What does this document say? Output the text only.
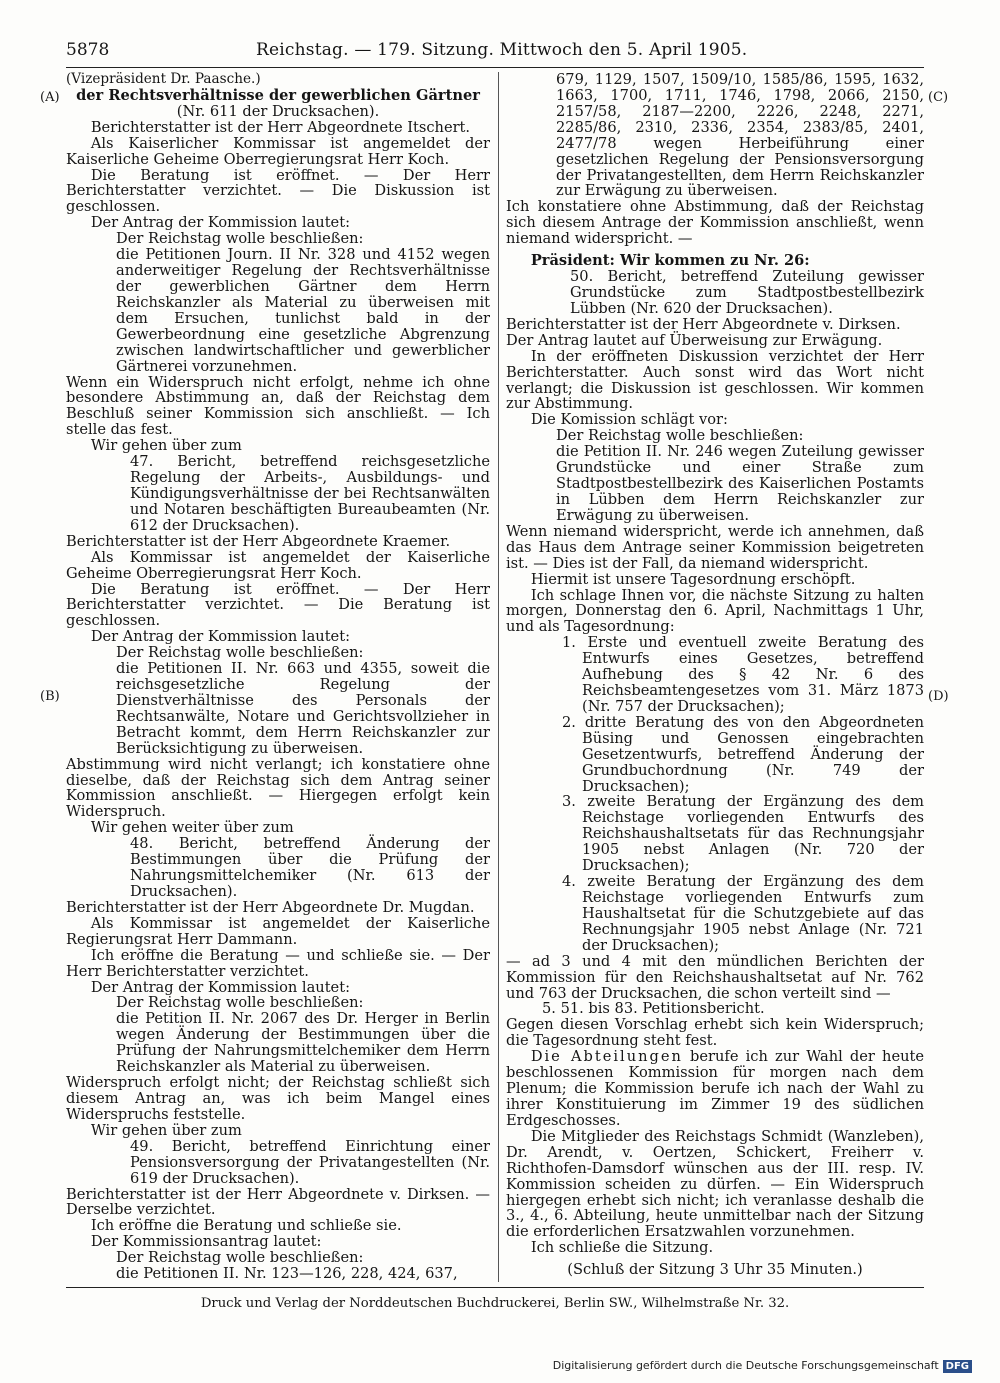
5878	Reichstag. — 179. Sitzung. Mittwoch den 5. April 1905.
(A)
(B)
(C)
(D)

(Vizepräsident Dr. Paasche.)

der Rechtsverhältnisse der gewerblichen Gärtner

(Nr. 611 der Drucksachen).

Berichterstatter ist der Herr Abgeordnete Itschert.

Als Kaiserlicher Kommissar ist angemeldet der Kaiserliche Geheime Oberregierungsrat Herr Koch.

Die Beratung ist eröffnet. — Der Herr Berichterstatter verzichtet. — Die Diskussion ist geschlossen.

Der Antrag der Kommission lautet:

Der Reichstag wolle beschließen:

die Petitionen Journ. II Nr. 328 und 4152 wegen anderweitiger Regelung der Rechtsverhältnisse der gewerblichen Gärtner dem Herrn Reichskanzler als Material zu überweisen mit dem Ersuchen, tunlichst bald in der Gewerbeordnung eine gesetzliche Abgrenzung zwischen landwirtschaftlicher und gewerblicher Gärtnerei vorzunehmen.

Wenn ein Widerspruch nicht erfolgt, nehme ich ohne besondere Abstimmung an, daß der Reichstag dem Beschluß seiner Kommission sich anschließt. — Ich stelle das fest.

Wir gehen über zum

47. Bericht, betreffend reichsgesetzliche Regelung der Arbeits-, Ausbildungs- und Kündigungsverhältnisse der bei Rechtsanwälten und Notaren beschäftigten Bureaubeamten (Nr. 612 der Drucksachen).

Berichterstatter ist der Herr Abgeordnete Kraemer.

Als Kommissar ist angemeldet der Kaiserliche Geheime Oberregierungsrat Herr Koch.

Die Beratung ist eröffnet. — Der Herr Berichterstatter verzichtet. — Die Beratung ist geschlossen.

Der Antrag der Kommission lautet:

Der Reichstag wolle beschließen:

die Petitionen II. Nr. 663 und 4355, soweit die reichsgesetzliche Regelung der Dienstverhältnisse des Personals der Rechtsanwälte, Notare und Gerichtsvollzieher in Betracht kommt, dem Herrn Reichskanzler zur Berücksichtigung zu überweisen.

Abstimmung wird nicht verlangt; ich konstatiere ohne dieselbe, daß der Reichstag sich dem Antrag seiner Kommission anschließt. — Hiergegen erfolgt kein Widerspruch.

Wir gehen weiter über zum

48. Bericht, betreffend Änderung der Bestimmungen über die Prüfung der Nahrungsmittelchemiker (Nr. 613 der Drucksachen).

Berichterstatter ist der Herr Abgeordnete Dr. Mugdan.

Als Kommissar ist angemeldet der Kaiserliche Regierungsrat Herr Dammann.

Ich eröffne die Beratung — und schließe sie. — Der Herr Berichterstatter verzichtet.

Der Antrag der Kommission lautet:

Der Reichstag wolle beschließen:

die Petition II. Nr. 2067 des Dr. Herger in Berlin wegen Änderung der Bestimmungen über die Prüfung der Nahrungsmittelchemiker dem Herrn Reichskanzler als Material zu überweisen.

Widerspruch erfolgt nicht; der Reichstag schließt sich diesem Antrag an, was ich beim Mangel eines Widerspruchs feststelle.

Wir gehen über zum

49. Bericht, betreffend Einrichtung einer Pensionsversorgung der Privatangestellten (Nr. 619 der Drucksachen).

Berichterstatter ist der Herr Abgeordnete v. Dirksen. — Derselbe verzichtet.

Ich eröffne die Beratung und schließe sie.

Der Kommissionsantrag lautet:

Der Reichstag wolle beschließen:

die Petitionen II. Nr. 123—126, 228, 424, 637,

679, 1129, 1507, 1509/10, 1585/86, 1595, 1632, 1663, 1700, 1711, 1746, 1798, 2066, 2150, 2157/58, 2187—2200, 2226, 2248, 2271, 2285/86, 2310, 2336, 2354, 2383/85, 2401, 2477/78 wegen Herbeiführung einer gesetzlichen Regelung der Pensionsversorgung der Privatangestellten, dem Herrn Reichskanzler zur Erwägung zu überweisen.

Ich konstatiere ohne Abstimmung, daß der Reichstag sich diesem Antrage der Kommission anschließt, wenn niemand widerspricht. —

Präsident: Wir kommen zu Nr. 26:

50. Bericht, betreffend Zuteilung gewisser Grundstücke zum Stadtpostbestellbezirk Lübben (Nr. 620 der Drucksachen).

Berichterstatter ist der Herr Abgeordnete v. Dirksen.

Der Antrag lautet auf Überweisung zur Erwägung.

In der eröffneten Diskussion verzichtet der Herr Berichterstatter. Auch sonst wird das Wort nicht verlangt; die Diskussion ist geschlossen. Wir kommen zur Abstimmung.

Die Komission schlägt vor:

Der Reichstag wolle beschließen:

die Petition II. Nr. 246 wegen Zuteilung gewisser Grundstücke und einer Straße zum Stadtpostbestellbezirk des Kaiserlichen Postamts in Lübben dem Herrn Reichskanzler zur Erwägung zu überweisen.

Wenn niemand widerspricht, werde ich annehmen, daß das Haus dem Antrage seiner Kommission beigetreten ist. — Dies ist der Fall, da niemand widerspricht.

Hiermit ist unsere Tagesordnung erschöpft.

Ich schlage Ihnen vor, die nächste Sitzung zu halten morgen, Donnerstag den 6. April, Nachmittags 1 Uhr, und als Tagesordnung:

1. Erste und eventuell zweite Beratung des Entwurfs eines Gesetzes, betreffend Aufhebung des § 42 Nr. 6 des Reichsbeamtengesetzes vom 31. März 1873 (Nr. 757 der Drucksachen);

2. dritte Beratung des von den Abgeordneten Büsing und Genossen eingebrachten Gesetzentwurfs, betreffend Änderung der Grundbuchordnung (Nr. 749 der Drucksachen);

3. zweite Beratung der Ergänzung des dem Reichstage vorliegenden Entwurfs des Reichshaushaltsetats für das Rechnungsjahr 1905 nebst Anlagen (Nr. 720 der Drucksachen);

4. zweite Beratung der Ergänzung des dem Reichstage vorliegenden Entwurfs zum Haushaltsetat für die Schutzgebiete auf das Rechnungsjahr 1905 nebst Anlage (Nr. 721 der Drucksachen);

— ad 3 und 4 mit den mündlichen Berichten der Kommission für den Reichshaushaltsetat auf Nr. 762 und 763 der Drucksachen, die schon verteilt sind —

5. 51. bis 83. Petitionsbericht.

Gegen diesen Vorschlag erhebt sich kein Widerspruch; die Tagesordnung steht fest.

Die Abteilungen berufe ich zur Wahl der heute beschlossenen Kommission für morgen nach dem Plenum; die Kommission berufe ich nach der Wahl zu ihrer Konstituierung im Zimmer 19 des südlichen Erdgeschosses.

Die Mitglieder des Reichstags Schmidt (Wanzleben), Dr. Arendt, v. Oertzen, Schickert, Freiherr v. Richthofen-Damsdorf wünschen aus der III. resp. IV. Kommission scheiden zu dürfen. — Ein Widerspruch hiergegen erhebt sich nicht; ich veranlasse deshalb die 3., 4., 6. Abteilung, heute unmittelbar nach der Sitzung die erforderlichen Ersatzwahlen vorzunehmen.

Ich schließe die Sitzung.

(Schluß der Sitzung 3 Uhr 35 Minuten.)

Druck und Verlag der Norddeutschen Buchdruckerei, Berlin SW., Wilhelmstraße Nr. 32.
Digitalisierung gefördert durch die Deutsche Forschungsgemeinschaft DFG
